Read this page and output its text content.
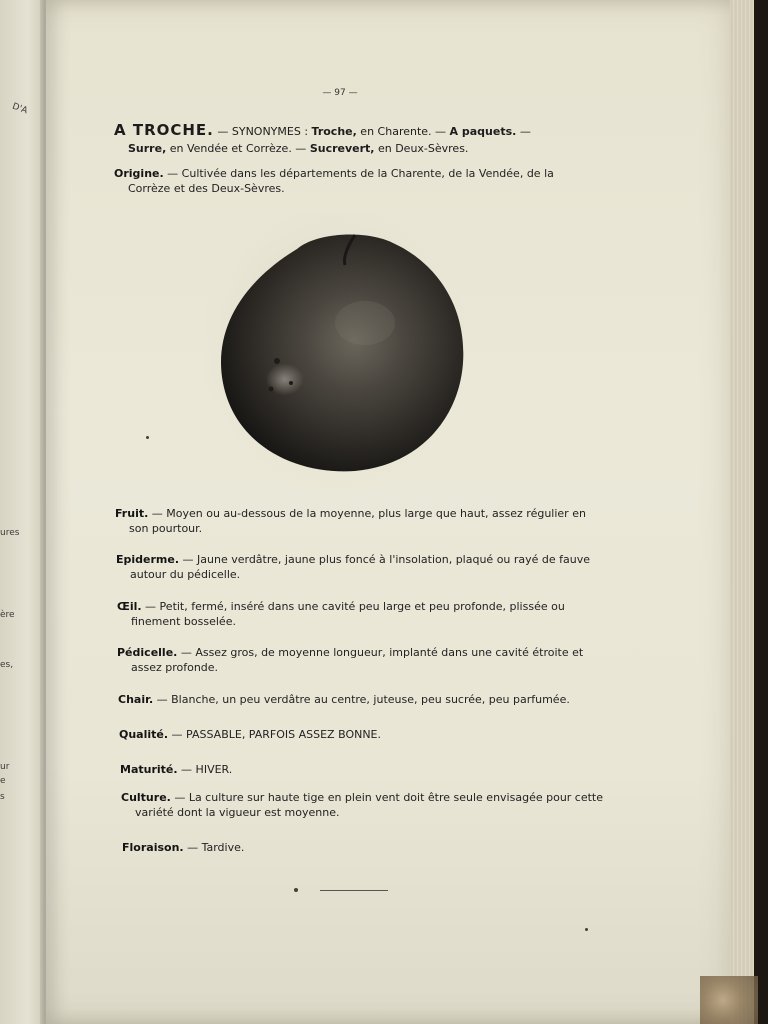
D'A
ures
ère
es,
ur
e
s
— 97 —
A TROCHE. — SYNONYMES : Troche, en Charente. — A paquets. —
Surre, en Vendée et Corrèze. — Sucrevert, en Deux-Sèvres.
Origine. — Cultivée dans les départements de la Charente, de la Vendée, de la Corrèze et des Deux-Sèvres.
Fruit. — Moyen ou au-dessous de la moyenne, plus large que haut, assez régulier en son pourtour.
Epiderme. — Jaune verdâtre, jaune plus foncé à l'insolation, plaqué ou rayé de fauve autour du pédicelle.
Œil. — Petit, fermé, inséré dans une cavité peu large et peu profonde, plissée ou finement bosselée.
Pédicelle. — Assez gros, de moyenne longueur, implanté dans une cavité étroite et assez profonde.
Chair. — Blanche, un peu verdâtre au centre, juteuse, peu sucrée, peu parfumée.
Qualité. — PASSABLE, PARFOIS ASSEZ BONNE.
Maturité. — HIVER.
Culture. — La culture sur haute tige en plein vent doit être seule envisagée pour cette variété dont la vigueur est moyenne.
Floraison. — Tardive.
